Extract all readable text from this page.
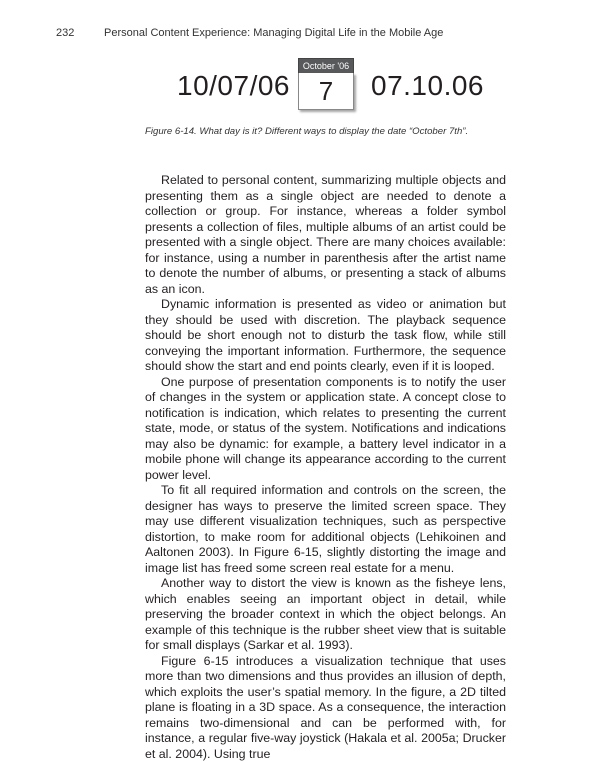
232	Personal Content Experience: Managing Digital Life in the Mobile Age
10/07/06
October '06
7	07.10.06
Figure 6-14. What day is it? Different ways to display the date “October 7th”.

Related to personal content, summarizing multiple objects and presenting them as a single object are needed to denote a collection or group. For instance, whereas a folder symbol presents a collection of files, multiple albums of an artist could be presented with a single object. There are many choices available: for instance, using a number in parenthesis after the artist name to denote the number of albums, or presenting a stack of albums as an icon.

Dynamic information is presented as video or animation but they should be used with discretion. The playback sequence should be short enough not to disturb the task flow, while still conveying the important information. Furthermore, the sequence should show the start and end points clearly, even if it is looped.

One purpose of presentation components is to notify the user of changes in the system or application state. A concept close to notification is indication, which relates to presenting the current state, mode, or status of the system. Notifications and indications may also be dynamic: for example, a battery level indicator in a mobile phone will change its appearance according to the current power level.

To fit all required information and controls on the screen, the designer has ways to preserve the limited screen space. They may use different visualization techniques, such as perspective distortion, to make room for additional objects (Lehikoinen and Aaltonen 2003). In Figure 6-15, slightly distorting the image and image list has freed some screen real estate for a menu.

Another way to distort the view is known as the fisheye lens, which enables seeing an important object in detail, while preserving the broader context in which the object belongs. An example of this technique is the rubber sheet view that is suitable for small displays (Sarkar et al. 1993).

Figure 6-15 introduces a visualization technique that uses more than two dimensions and thus provides an illusion of depth, which exploits the user’s spatial memory. In the figure, a 2D tilted plane is floating in a 3D space. As a consequence, the interaction remains two-dimensional and can be performed with, for instance, a regular five-way joystick (Hakala et al. 2005a; Drucker et al. 2004). Using true
